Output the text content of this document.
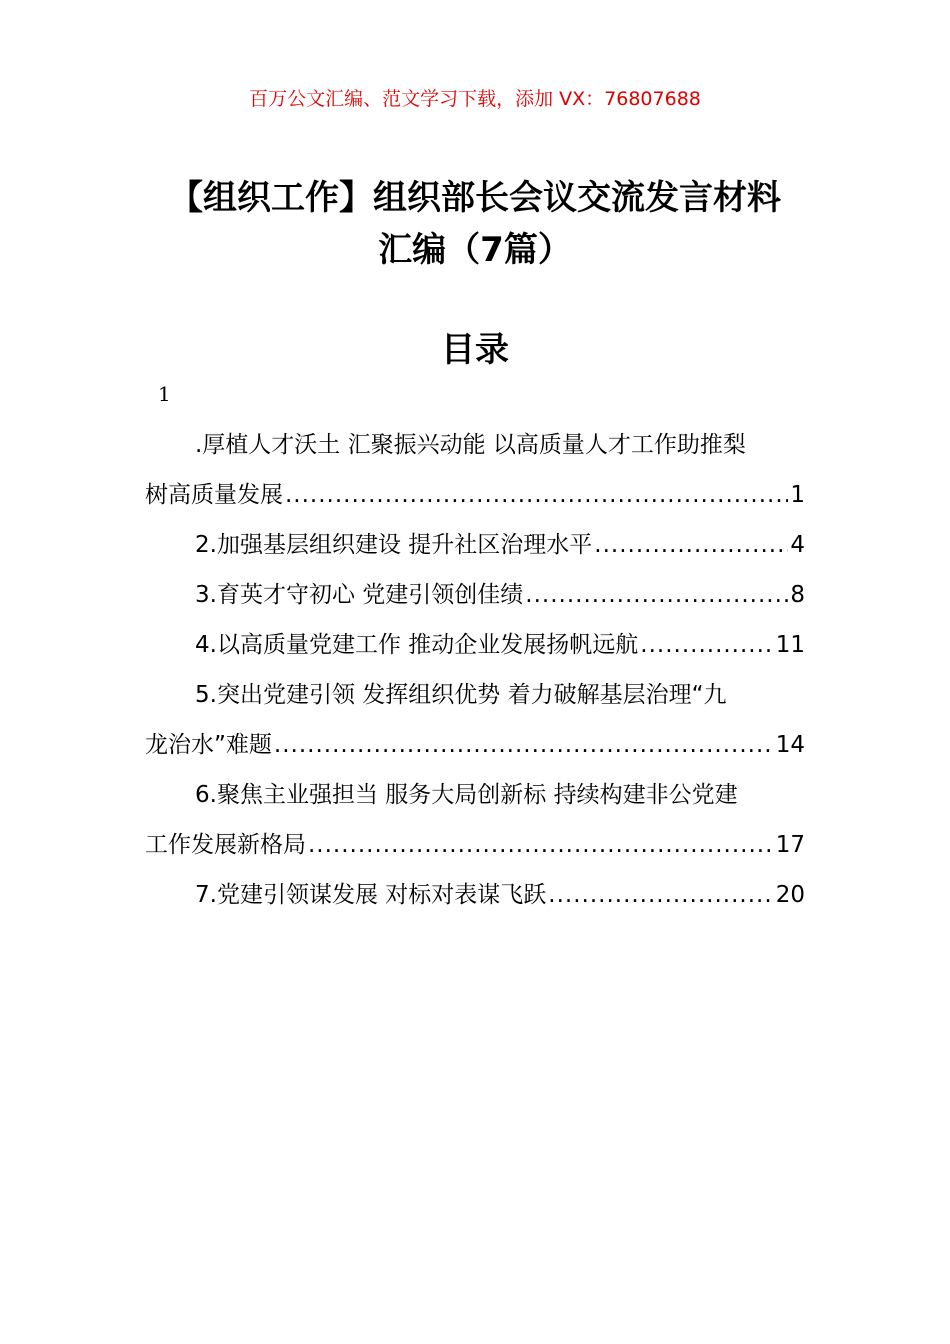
百万公文汇编、范文学习下载，添加 VX：76807688
【组织工作】组织部长会议交流发言材料
汇编（7篇）
目录
1
.厚植人才沃土 汇聚振兴动能 以高质量人才工作助推梨
树高质量发展 .....	1
2.加强基层组织建设 提升社区治理水平 .....	4
3.育英才守初心 党建引领创佳绩 .....	8
4.以高质量党建工作 推动企业发展扬帆远航 .....	11
5.突出党建引领 发挥组织优势 着力破解基层治理“九
龙治水”难题 .....	14
6.聚焦主业强担当 服务大局创新标 持续构建非公党建
工作发展新格局 .....	17
7.党建引领谋发展 对标对表谋飞跃 .....	20
